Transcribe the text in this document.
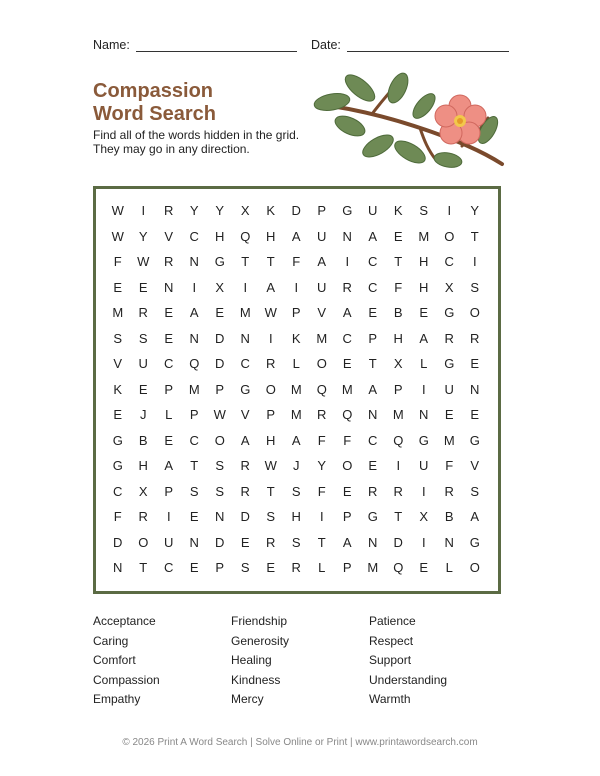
Name:	Date:
Compassion
Word Search
Find all of the words hidden in the grid.
They may go in any direction.
W	I	R	Y	Y	X	K	D	P	G	U	K	S	I	Y
W	Y	V	C	H	Q	H	A	U	N	A	E	M	O	T
F	W	R	N	G	T	T	F	A	I	C	T	H	C	I
E	E	N	I	X	I	A	I	U	R	C	F	H	X	S
M	R	E	A	E	M	W	P	V	A	E	B	E	G	O
S	S	E	N	D	N	I	K	M	C	P	H	A	R	R
V	U	C	Q	D	C	R	L	O	E	T	X	L	G	E
K	E	P	M	P	G	O	M	Q	M	A	P	I	U	N
E	J	L	P	W	V	P	M	R	Q	N	M	N	E	E
G	B	E	C	O	A	H	A	F	F	C	Q	G	M	G
G	H	A	T	S	R	W	J	Y	O	E	I	U	F	V
C	X	P	S	S	R	T	S	F	E	R	R	I	R	S
F	R	I	E	N	D	S	H	I	P	G	T	X	B	A
D	O	U	N	D	E	R	S	T	A	N	D	I	N	G
N	T	C	E	P	S	E	R	L	P	M	Q	E	L	O
Acceptance
Caring
Comfort
Compassion
Empathy
Friendship
Generosity
Healing
Kindness
Mercy
Patience
Respect
Support
Understanding
Warmth
© 2026 Print A Word Search | Solve Online or Print | www.printawordsearch.com
